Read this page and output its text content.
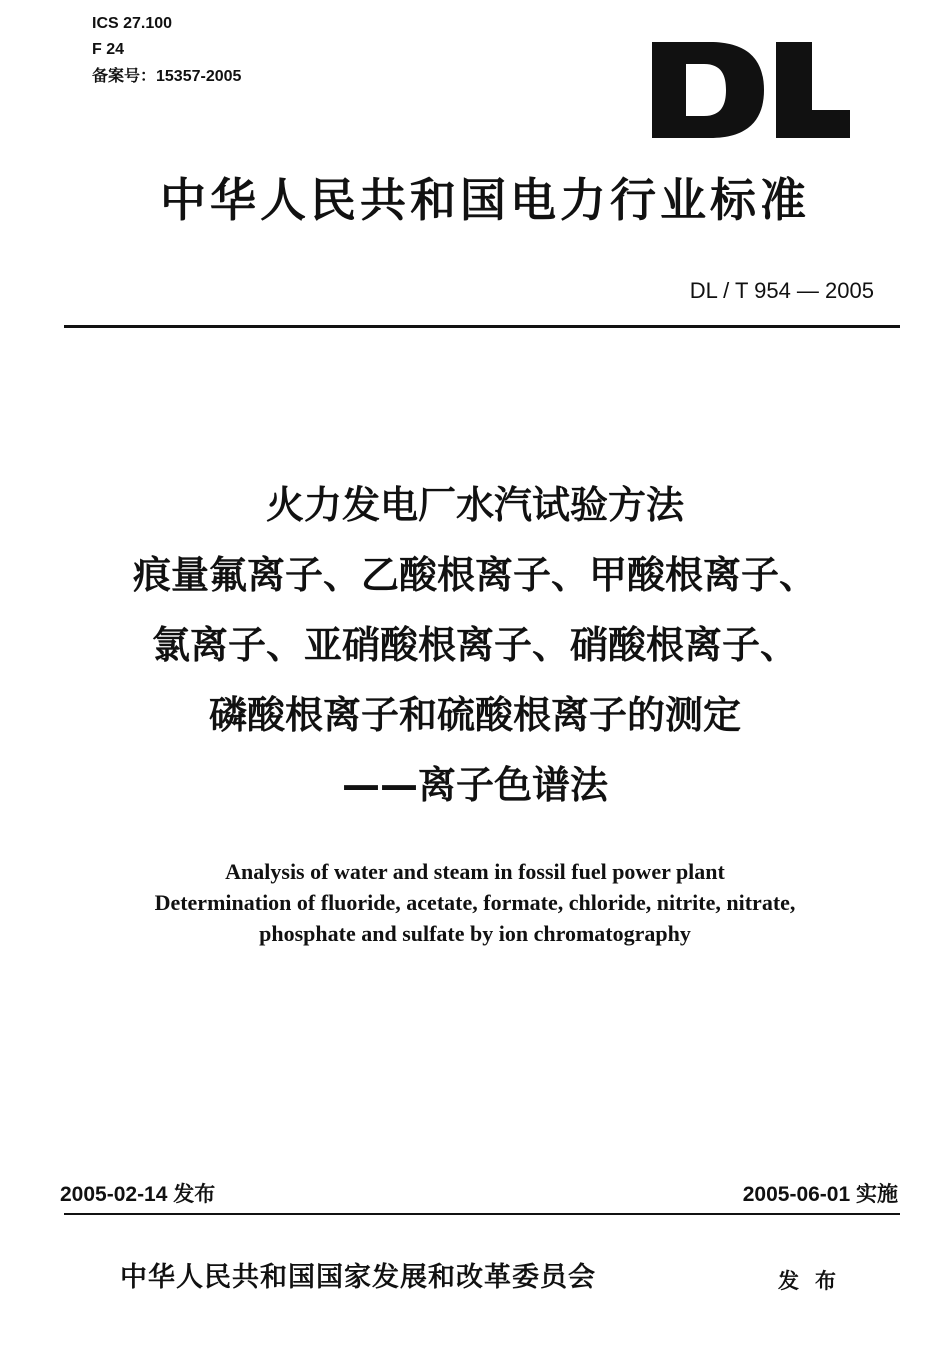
ICS 27.100
F 24
备案号：15357-2005
中华人民共和国电力行业标准
DL / T 954 — 2005
火力发电厂水汽试验方法
痕量氟离子、乙酸根离子、甲酸根离子、
氯离子、亚硝酸根离子、硝酸根离子、
磷酸根离子和硫酸根离子的测定
——离子色谱法
Analysis of water and steam in fossil fuel power plant
Determination of fluoride, acetate, formate, chloride, nitrite, nitrate,
phosphate and sulfate by ion chromatography
2005-02-14 发布	2005-06-01 实施
中华人民共和国国家发展和改革委员会	发布
